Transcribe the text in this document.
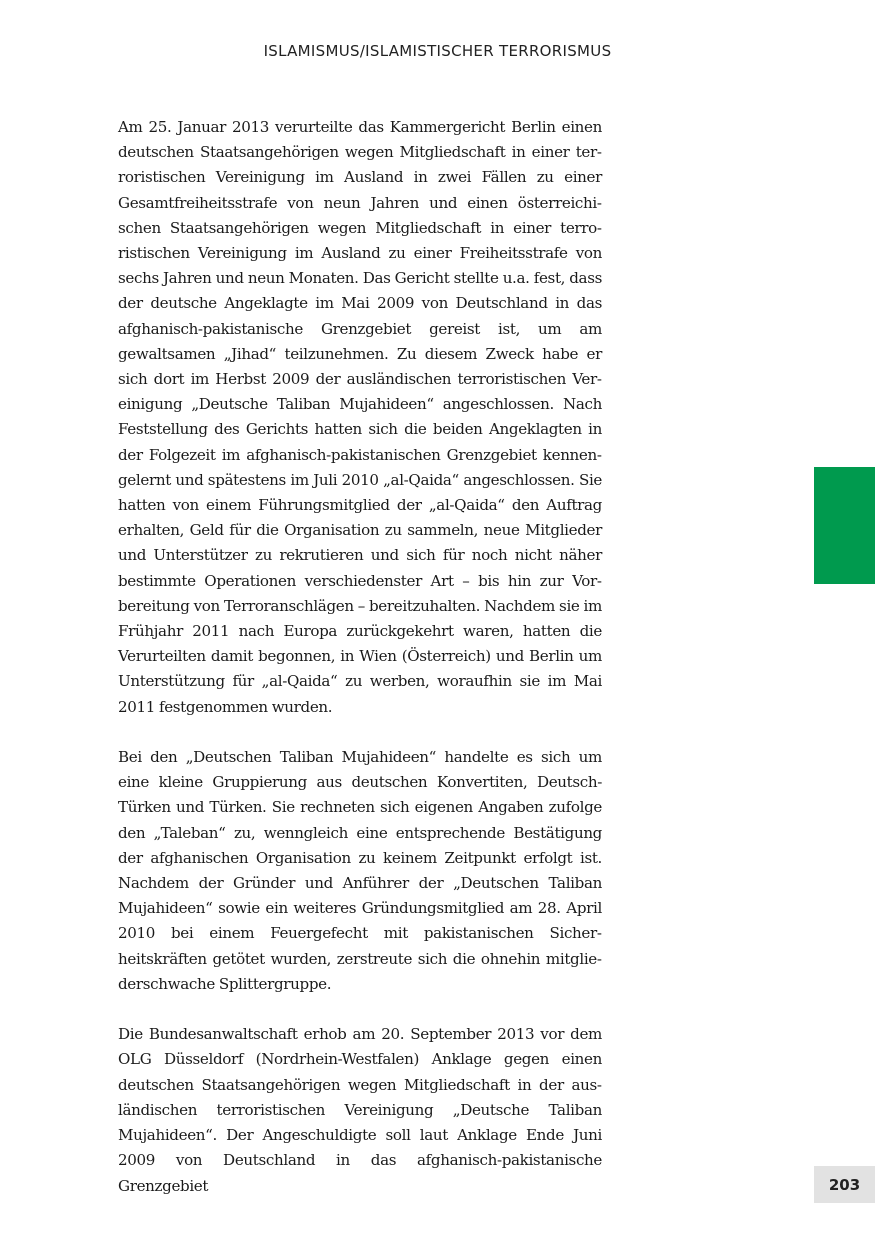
ISLAMISMUS/ISLAMISTISCHER TERRORISMUS

Am 25. Januar 2013 verurteilte das Kammergericht Berlin einen deutschen Staatsangehörigen wegen Mitgliedschaft in einer terroristischen Vereinigung im Ausland in zwei Fällen zu einer Gesamtfreiheitsstrafe von neun Jahren und einen österreichischen Staatsangehörigen wegen Mitgliedschaft in einer terroristischen Vereinigung im Ausland zu einer Freiheitsstrafe von sechs Jahren und neun Monaten. Das Gericht stellte u.a. fest, dass der deutsche Angeklagte im Mai 2009 von Deutschland in das afghanisch-pakistanische Grenzgebiet gereist ist, um am gewaltsamen „Jihad“ teilzunehmen. Zu diesem Zweck habe er sich dort im Herbst 2009 der ausländischen terroristischen Vereinigung „Deutsche Taliban Mujahideen“ angeschlossen. Nach Feststellung des Gerichts hatten sich die beiden Angeklagten in der Folgezeit im afghanisch-pakistanischen Grenzgebiet kennengelernt und spätestens im Juli 2010 „al-Qaida“ angeschlossen. Sie hatten von einem Führungsmitglied der „al-Qaida“ den Auftrag erhalten, Geld für die Organisation zu sammeln, neue Mitglieder und Unterstützer zu rekrutieren und sich für noch nicht näher bestimmte Operationen verschiedenster Art – bis hin zur Vorbereitung von Terroranschlägen – bereitzuhalten. Nachdem sie im Frühjahr 2011 nach Europa zurückgekehrt waren, hatten die Verurteilten damit begonnen, in Wien (Österreich) und Berlin um Unterstützung für „al-Qaida“ zu werben, woraufhin sie im Mai 2011 festgenommen wurden.

Bei den „Deutschen Taliban Mujahideen“ handelte es sich um eine kleine Gruppierung aus deutschen Konvertiten, Deutsch-Türken und Türken. Sie rechneten sich eigenen Angaben zufolge den „Taleban“ zu, wenngleich eine entsprechende Bestätigung der afghanischen Organisation zu keinem Zeitpunkt erfolgt ist. Nachdem der Gründer und Anführer der „Deutschen Taliban Mujahideen“ sowie ein weiteres Gründungsmitglied am 28. April 2010 bei einem Feuergefecht mit pakistanischen Sicherheitskräften getötet wurden, zerstreute sich die ohnehin mitgliederschwache Splittergruppe.

Die Bundesanwaltschaft erhob am 20. September 2013 vor dem OLG Düsseldorf (Nordrhein-Westfalen) Anklage gegen einen deutschen Staatsangehörigen wegen Mitgliedschaft in der ausländischen terroristischen Vereinigung „Deutsche Taliban Mujahideen“. Der Angeschuldigte soll laut Anklage Ende Juni 2009 von Deutschland in das afghanisch-pakistanische Grenzgebiet	203
